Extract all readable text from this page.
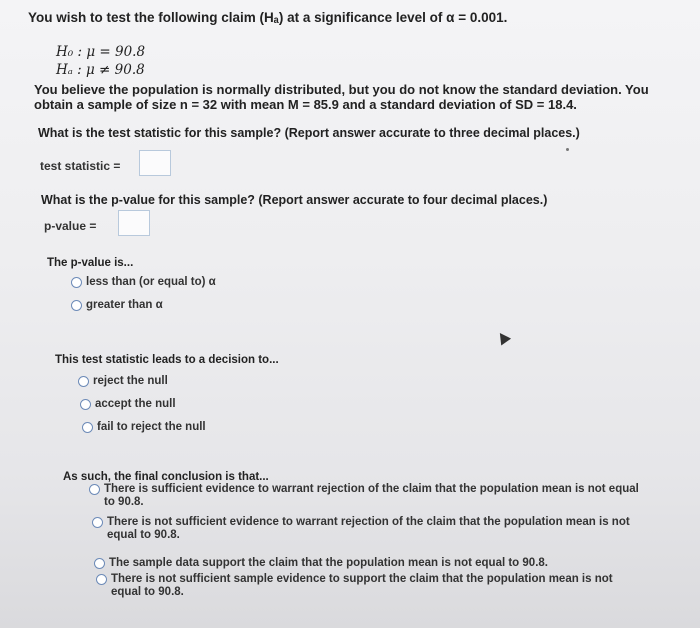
You wish to test the following claim (Hₐ) at a significance level of α = 0.001.
H₀ : μ = 90.8
Hₐ : μ ≠ 90.8
You believe the population is normally distributed, but you do not know the standard deviation. You obtain a sample of size n = 32 with mean M = 85.9 and a standard deviation of SD = 18.4.
What is the test statistic for this sample? (Report answer accurate to three decimal places.)
test statistic =
What is the p-value for this sample? (Report answer accurate to four decimal places.)
p-value =
The p-value is...
less than (or equal to) α
greater than α
This test statistic leads to a decision to...
reject the null
accept the null
fail to reject the null
As such, the final conclusion is that...
There is sufficient evidence to warrant rejection of the claim that the population mean is not equal to 90.8.
There is not sufficient evidence to warrant rejection of the claim that the population mean is not equal to 90.8.
The sample data support the claim that the population mean is not equal to 90.8.
There is not sufficient sample evidence to support the claim that the population mean is not equal to 90.8.
